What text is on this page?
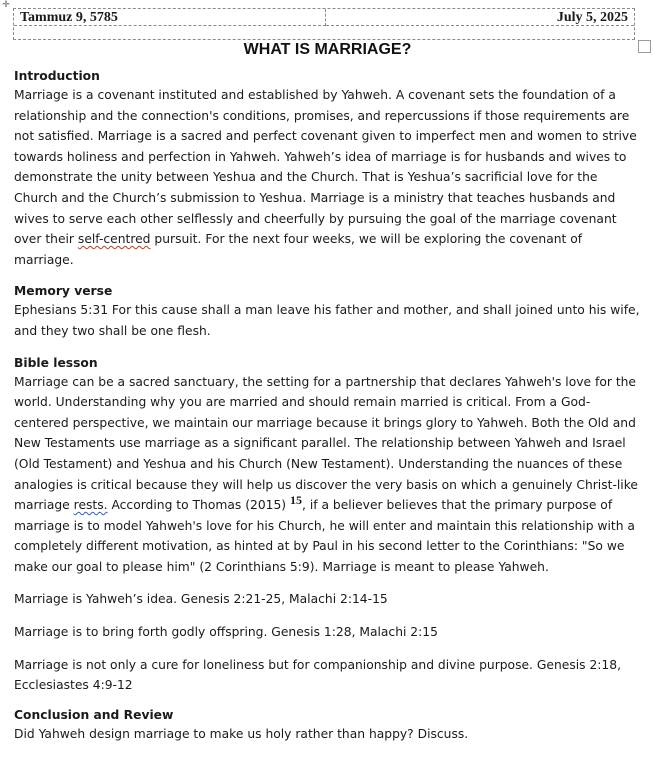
✛
Tammuz 9, 5785	July 5, 2025
WHAT IS MARRIAGE?
Introduction

Marriage is a covenant instituted and established by Yahweh. A covenant sets the foundation of a relationship and the connection's conditions, promises, and repercussions if those requirements are not satisfied. Marriage is a sacred and perfect covenant given to imperfect men and women to strive towards holiness and perfection in Yahweh. Yahweh’s idea of marriage is for husbands and wives to demonstrate the unity between Yeshua and the Church. That is Yeshua’s sacrificial love for the Church and the Church’s submission to Yeshua. Marriage is a ministry that teaches husbands and wives to serve each other selflessly and cheerfully by pursuing the goal of the marriage covenant over their self-centred pursuit. For the next four weeks, we will be exploring the covenant of marriage.

Memory verse

Ephesians 5:31 For this cause shall a man leave his father and mother, and shall joined unto his wife, and they two shall be one flesh.

Bible lesson

Marriage can be a sacred sanctuary, the setting for a partnership that declares Yahweh's love for the world. Understanding why you are married and should remain married is critical. From a God-centered perspective, we maintain our marriage because it brings glory to Yahweh. Both the Old and New Testaments use marriage as a significant parallel. The relationship between Yahweh and Israel (Old Testament) and Yeshua and his Church (New Testament). Understanding the nuances of these analogies is critical because they will help us discover the very basis on which a genuinely Christ-like marriage rests. According to Thomas (2015) 15, if a believer believes that the primary purpose of marriage is to model Yahweh's love for his Church, he will enter and maintain this relationship with a completely different motivation, as hinted at by Paul in his second letter to the Corinthians: "So we make our goal to please him" (2 Corinthians 5:9). Marriage is meant to please Yahweh.

Marriage is Yahweh’s idea. Genesis 2:21-25, Malachi 2:14-15

Marriage is to bring forth godly offspring. Genesis 1:28, Malachi 2:15

Marriage is not only a cure for loneliness but for companionship and divine purpose. Genesis 2:18, Ecclesiastes 4:9-12

Conclusion and Review

Did Yahweh design marriage to make us holy rather than happy? Discuss.
